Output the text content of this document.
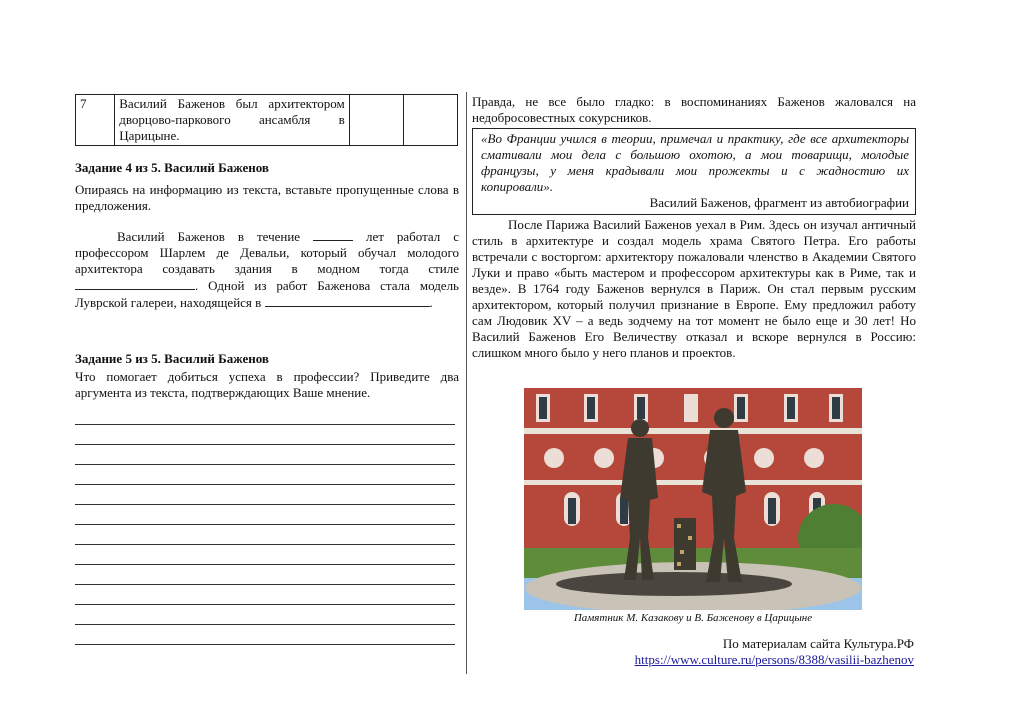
7	Василий Баженов был архитектором дворцово-паркового ансамбля в Царицыне.		
Задание 4 из 5. Василий Баженов
Опираясь на информацию из текста, вставьте пропущенные слова в предложения.
Василий Баженов в течение	лет работал с профессором Шарлем де Девальи, который обучал молодого архитектора создавать здания в модном тогда стиле . Одной из работ Баженова стала модель Луврской галереи, находящейся в	.
Задание 5 из 5. Василий Баженов
Что помогает добиться успеха в профессии? Приведите два аргумента из текста, подтверждающих Ваше мнение.
Правда, не все было гладко: в воспоминаниях Баженов жаловался на недобросовестных сокурсников.
«Во Франции учился в теории, примечал и практику, где все архитекторы смативали мои дела с большою охотою, а мои товарищи, молодые французы, у меня крадывали мои прожекты и с жадностию их копировали».
Василий Баженов, фрагмент из автобиографии
После Парижа Василий Баженов уехал в Рим. Здесь он изучал античный стиль в архитектуре и создал модель храма Святого Петра. Его работы встречали с восторгом: архитектору пожаловали членство в Академии Святого Луки и право «быть мастером и профессором архитектуры как в Риме, так и везде». В 1764 году Баженов вернулся в Париж. Он стал первым русским архитектором, который получил признание в Европе. Ему предложил работу сам Людовик XV – а ведь зодчему на тот момент не было еще и 30 лет! Но Василий Баженов Его Величеству отказал и вскоре вернулся в Россию: слишком много было у него планов и проектов.
Памятник М. Казакову и В. Баженову в Царицыне
По материалам сайта Культура.РФ
https://www.culture.ru/persons/8388/vasilii-bazhenov
